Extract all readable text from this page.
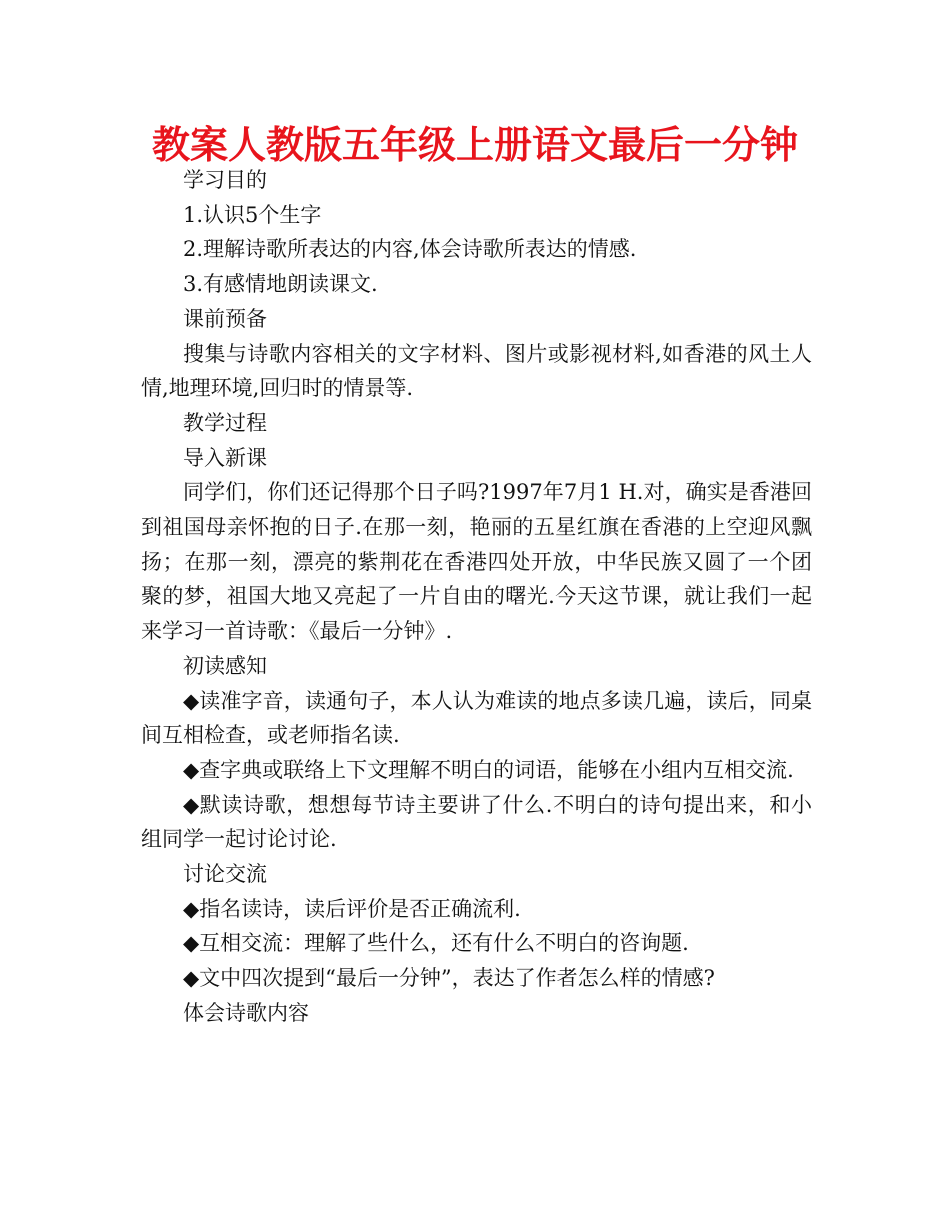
教案人教版五年级上册语文最后一分钟

学习目的

1.认识5个生字

2.理解诗歌所表达的内容,体会诗歌所表达的情感.

3.有感情地朗读课文.

课前预备

搜集与诗歌内容相关的文字材料、图片或影视材料,如香港的风土人情,地理环境,回归时的情景等.

教学过程

导入新课

同学们，你们还记得那个日子吗?1997年7月1 H.对，确实是香港回到祖国母亲怀抱的日子.在那一刻，艳丽的五星红旗在香港的上空迎风飘扬；在那一刻，漂亮的紫荆花在香港四处开放，中华民族又圆了一个团聚的梦，祖国大地又亮起了一片自由的曙光.今天这节课，就让我们一起来学习一首诗歌：《最后一分钟》.

初读感知

◆读准字音，读通句子，本人认为难读的地点多读几遍，读后，同桌间互相检查，或老师指名读.

◆查字典或联络上下文理解不明白的词语，能够在小组内互相交流.

◆默读诗歌，想想每节诗主要讲了什么.不明白的诗句提出来，和小组同学一起讨论讨论.

讨论交流

◆指名读诗，读后评价是否正确流利.

◆互相交流：理解了些什么，还有什么不明白的咨询题.

◆文中四次提到“最后一分钟”，表达了作者怎么样的情感?

体会诗歌内容
